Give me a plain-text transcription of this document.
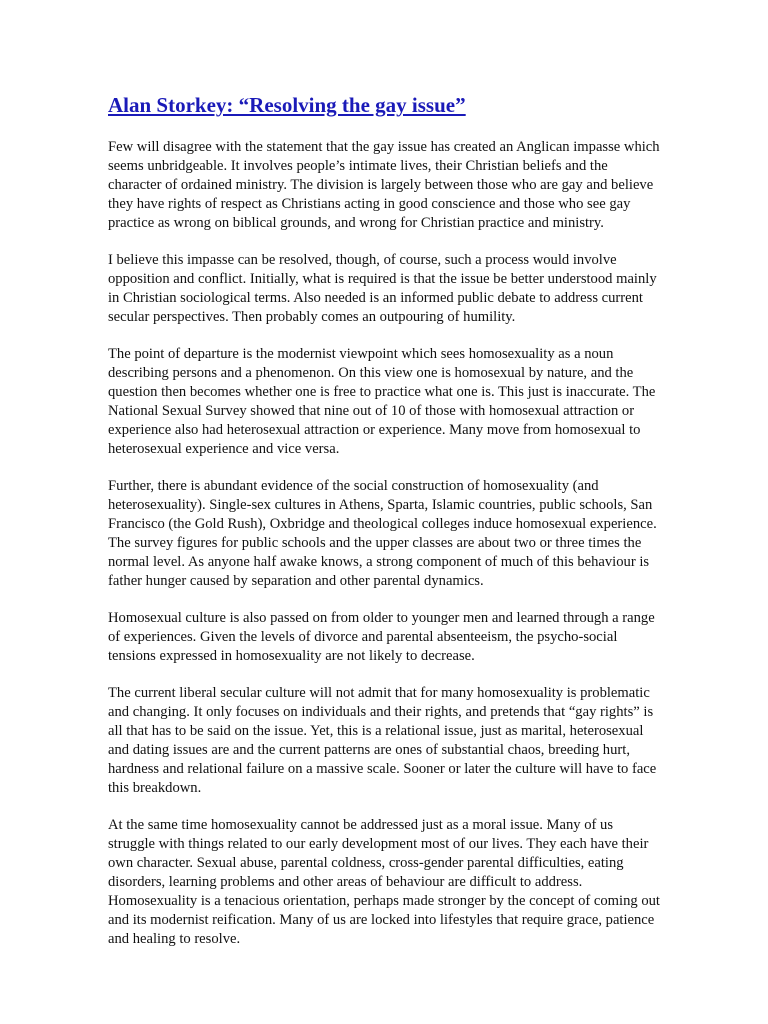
Alan Storkey: “Resolving the gay issue”

Few will disagree with the statement that the gay issue has created an Anglican impasse which seems unbridgeable. It involves people’s intimate lives, their Christian beliefs and the character of ordained ministry. The division is largely between those who are gay and believe they have rights of respect as Christians acting in good conscience and those who see gay practice as wrong on biblical grounds, and wrong for Christian practice and ministry.

I believe this impasse can be resolved, though, of course, such a process would involve opposition and conflict. Initially, what is required is that the issue be better understood mainly in Christian sociological terms. Also needed is an informed public debate to address current secular perspectives. Then probably comes an outpouring of humility.

The point of departure is the modernist viewpoint which sees homosexuality as a noun describing persons and a phenomenon. On this view one is homosexual by nature, and the question then becomes whether one is free to practice what one is. This just is inaccurate. The National Sexual Survey showed that nine out of 10 of those with homosexual attraction or experience also had heterosexual attraction or experience. Many move from homosexual to heterosexual experience and vice versa.

Further, there is abundant evidence of the social construction of homosexuality (and heterosexuality). Single-sex cultures in Athens, Sparta, Islamic countries, public schools, San Francisco (the Gold Rush), Oxbridge and theological colleges induce homosexual experience. The survey figures for public schools and the upper classes are about two or three times the normal level. As anyone half awake knows, a strong component of much of this behaviour is father hunger caused by separation and other parental dynamics.

Homosexual culture is also passed on from older to younger men and learned through a range of experiences. Given the levels of divorce and parental absenteeism, the psycho-social tensions expressed in homosexuality are not likely to decrease.

The current liberal secular culture will not admit that for many homosexuality is problematic and changing. It only focuses on individuals and their rights, and pretends that “gay rights” is all that has to be said on the issue. Yet, this is a relational issue, just as marital, heterosexual and dating issues are and the current patterns are ones of substantial chaos, breeding hurt, hardness and relational failure on a massive scale. Sooner or later the culture will have to face this breakdown.

At the same time homosexuality cannot be addressed just as a moral issue. Many of us struggle with things related to our early development most of our lives. They each have their own character. Sexual abuse, parental coldness, cross-gender parental difficulties, eating disorders, learning problems and other areas of behaviour are difficult to address. Homosexuality is a tenacious orientation, perhaps made stronger by the concept of coming out and its modernist reification. Many of us are locked into lifestyles that require grace, patience and healing to resolve.
